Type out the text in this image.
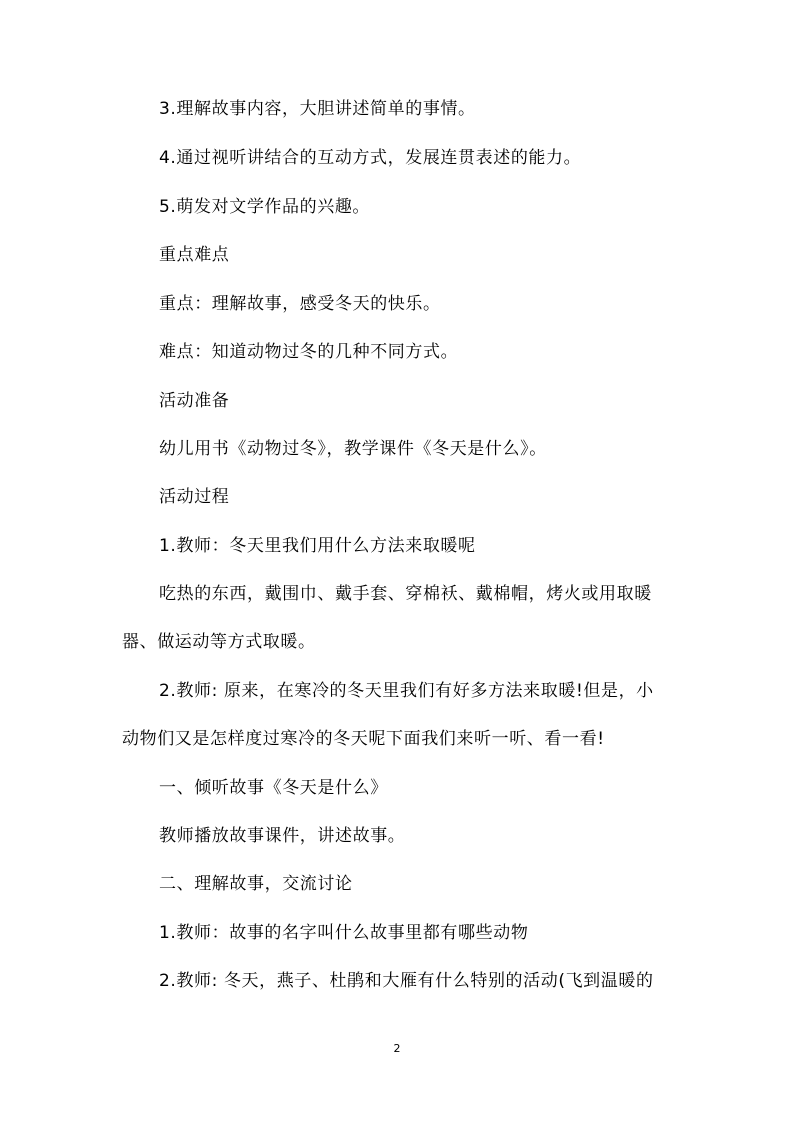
3.理解故事内容，大胆讲述简单的事情。
4.通过视听讲结合的互动方式，发展连贯表述的能力。
5.萌发对文学作品的兴趣。
重点难点
重点：理解故事，感受冬天的快乐。
难点：知道动物过冬的几种不同方式。
活动准备
幼儿用书《动物过冬》，教学课件《冬天是什么》。
活动过程
1.教师：冬天里我们用什么方法来取暖呢
吃热的东西，戴围巾、戴手套、穿棉袄、戴棉帽，烤火或用取暖
器、做运动等方式取暖。
2.教师: 原来，在寒冷的冬天里我们有好多方法来取暖!但是，小
动物们又是怎样度过寒冷的冬天呢下面我们来听一听、看一看!
一、倾听故事《冬天是什么》
教师播放故事课件，讲述故事。
二、理解故事，交流讨论
1.教师：故事的名字叫什么故事里都有哪些动物
2.教师: 冬天，燕子、杜鹃和大雁有什么特别的活动(飞到温暖的
2
